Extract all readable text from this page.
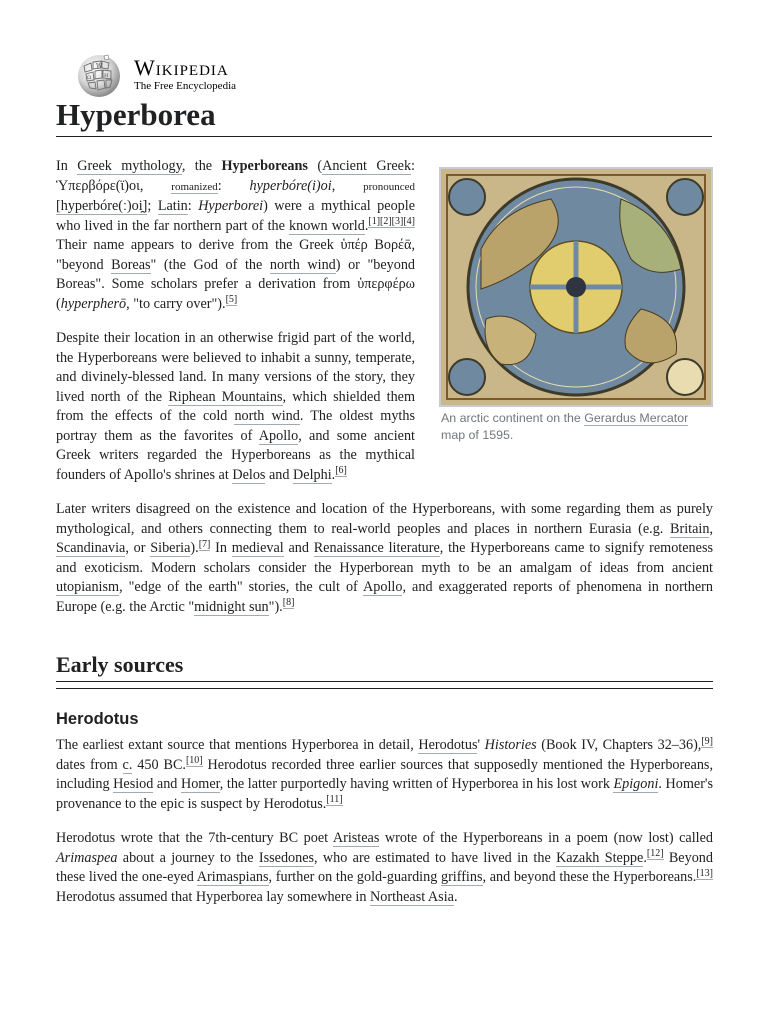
W
Ω	И Wikipedia
The Free Encyclopedia
Hyperborea
An arctic continent on the Gerardus Mercator map of 1595.

In Greek mythology, the Hyperboreans (Ancient Greek: Ὑπερβόρε(ϊ)οι, romanized: hyperbóre(i)oi, pronounced [hyperbóre(ː)oi̯]; Latin: Hyperborei) were a mythical people who lived in the far northern part of the known world.[1][2][3][4] Their name appears to derive from the Greek ὑπέρ Βορέᾱ, "beyond Boreas" (the God of the north wind) or "beyond Boreas". Some scholars prefer a derivation from ὑπερφέρω (hyperpherō, "to carry over").[5]

Despite their location in an otherwise frigid part of the world, the Hyperboreans were believed to inhabit a sunny, temperate, and divinely-blessed land. In many versions of the story, they lived north of the Riphean Mountains, which shielded them from the effects of the cold north wind. The oldest myths portray them as the favorites of Apollo, and some ancient Greek writers regarded the Hyperboreans as the mythical founders of Apollo's shrines at Delos and Delphi.[6]

Later writers disagreed on the existence and location of the Hyperboreans, with some regarding them as purely mythological, and others connecting them to real-world peoples and places in northern Eurasia (e.g. Britain, Scandinavia, or Siberia).[7] In medieval and Renaissance literature, the Hyperboreans came to signify remoteness and exoticism. Modern scholars consider the Hyperborean myth to be an amalgam of ideas from ancient utopianism, "edge of the earth" stories, the cult of Apollo, and exaggerated reports of phenomena in northern Europe (e.g. the Arctic "midnight sun").[8]

Early sources
Herodotus

The earliest extant source that mentions Hyperborea in detail, Herodotus' Histories (Book IV, Chapters 32–36),[9] dates from c. 450 BC.[10] Herodotus recorded three earlier sources that supposedly mentioned the Hyperboreans, including Hesiod and Homer, the latter purportedly having written of Hyperborea in his lost work Epigoni. Homer's provenance to the epic is suspect by Herodotus.[11]

Herodotus wrote that the 7th-century BC poet Aristeas wrote of the Hyperboreans in a poem (now lost) called Arimaspea about a journey to the Issedones, who are estimated to have lived in the Kazakh Steppe.[12] Beyond these lived the one-eyed Arimaspians, further on the gold-guarding griffins, and beyond these the Hyperboreans.[13] Herodotus assumed that Hyperborea lay somewhere in Northeast Asia.
